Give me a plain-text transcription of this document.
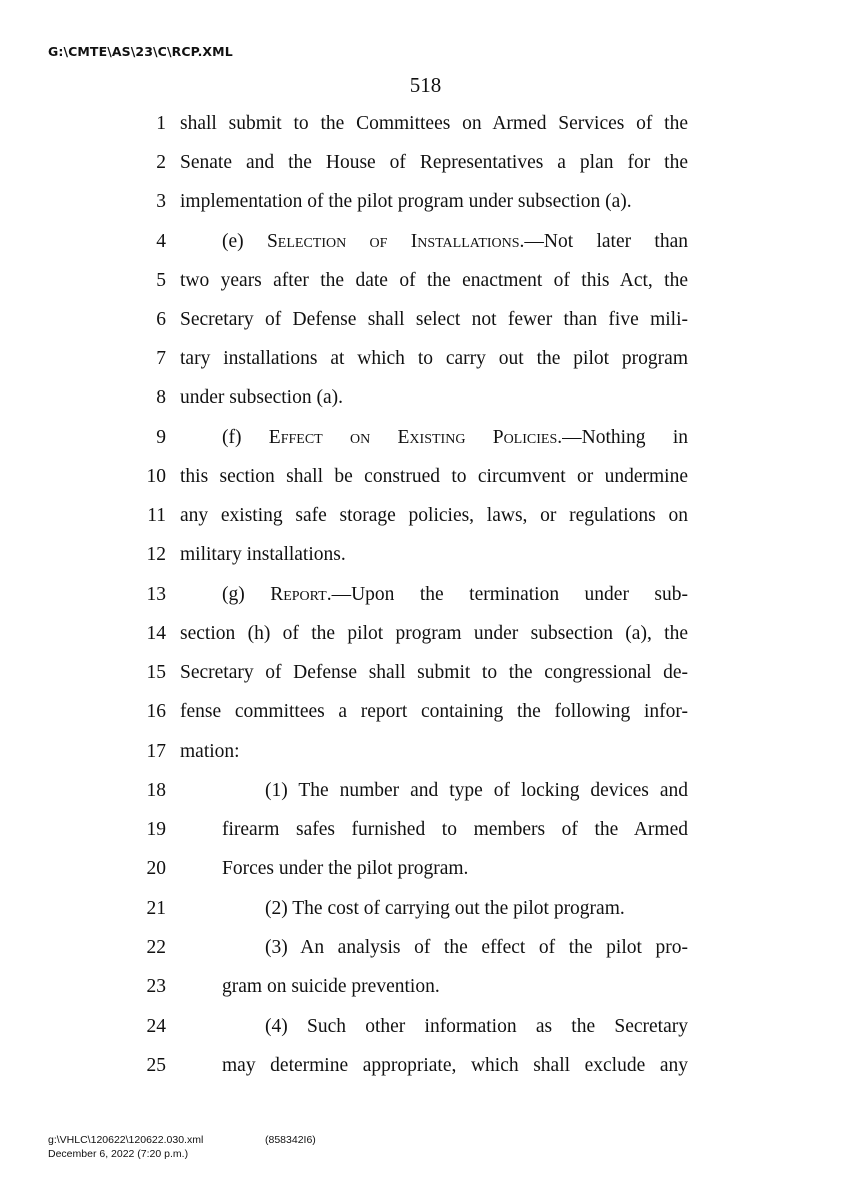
G:\CMTE\AS\23\C\RCP.XML
518
1 shall submit to the Committees on Armed Services of the
2 Senate and the House of Representatives a plan for the
3 implementation of the pilot program under subsection (a).
4	(e) Selection of Installations.—Not later than
5 two years after the date of the enactment of this Act, the
6 Secretary of Defense shall select not fewer than five mili-
7 tary installations at which to carry out the pilot program
8 under subsection (a).
9	(f) Effect on Existing Policies.—Nothing in
10 this section shall be construed to circumvent or undermine
11 any existing safe storage policies, laws, or regulations on
12 military installations.
13	(g) Report.—Upon the termination under sub-
14 section (h) of the pilot program under subsection (a), the
15 Secretary of Defense shall submit to the congressional de-
16 fense committees a report containing the following infor-
17 mation:
18	(1) The number and type of locking devices and
19	firearm safes furnished to members of the Armed
20	Forces under the pilot program.
21	(2) The cost of carrying out the pilot program.
22	(3) An analysis of the effect of the pilot pro-
23	gram on suicide prevention.
24	(4) Such other information as the Secretary
25	may determine appropriate, which shall exclude any
g:\VHLC\120622\120622.030.xml
December 6, 2022 (7:20 p.m.)
(858342I6)
